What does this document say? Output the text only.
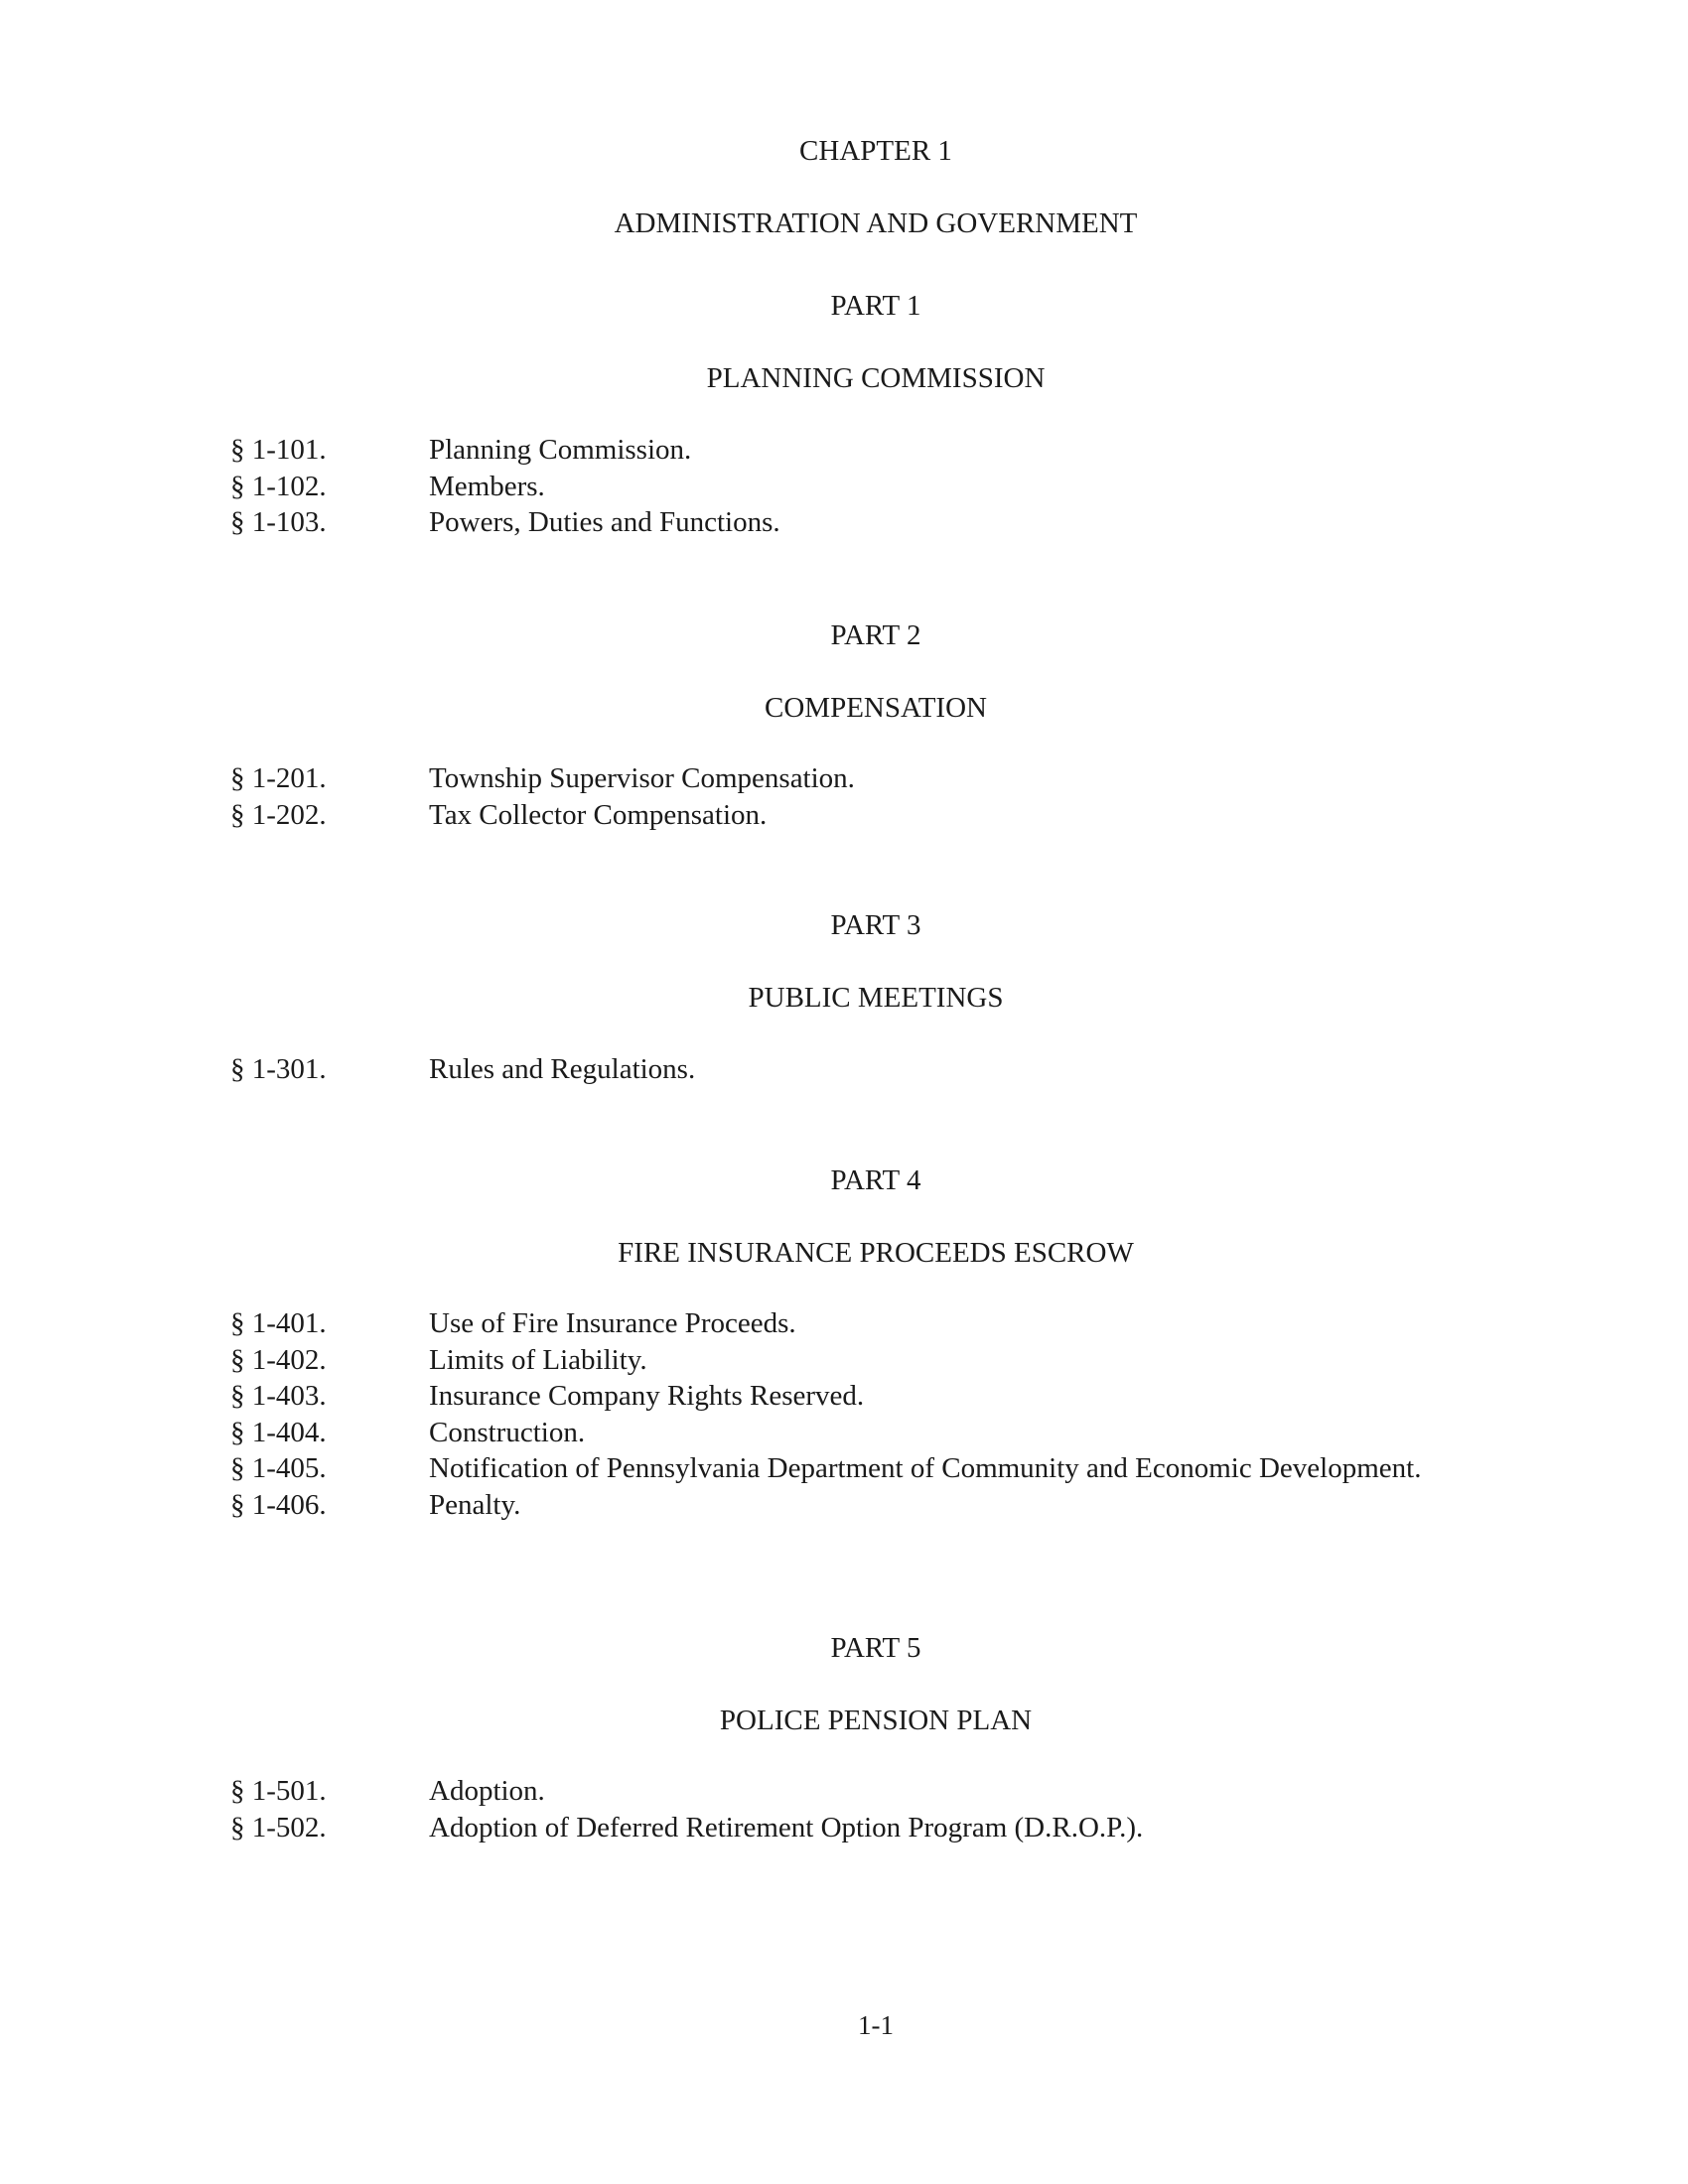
CHAPTER 1
ADMINISTRATION AND GOVERNMENT
PART 1
PLANNING COMMISSION
§ 1-101.	Planning Commission.
§ 1-102.	Members.
§ 1-103.	Powers, Duties and Functions.
PART 2
COMPENSATION
§ 1-201.	Township Supervisor Compensation.
§ 1-202.	Tax Collector Compensation.
PART 3
PUBLIC MEETINGS
§ 1-301.	Rules and Regulations.
PART 4
FIRE INSURANCE PROCEEDS ESCROW
§ 1-401.	Use of Fire Insurance Proceeds.
§ 1-402.	Limits of Liability.
§ 1-403.	Insurance Company Rights Reserved.
§ 1-404.	Construction.
§ 1-405.	Notification of Pennsylvania Department of Community and Economic Development.
§ 1-406.	Penalty.
PART 5
POLICE PENSION PLAN
§ 1-501.	Adoption.
§ 1-502.	Adoption of Deferred Retirement Option Program (D.R.O.P.).
1-1
